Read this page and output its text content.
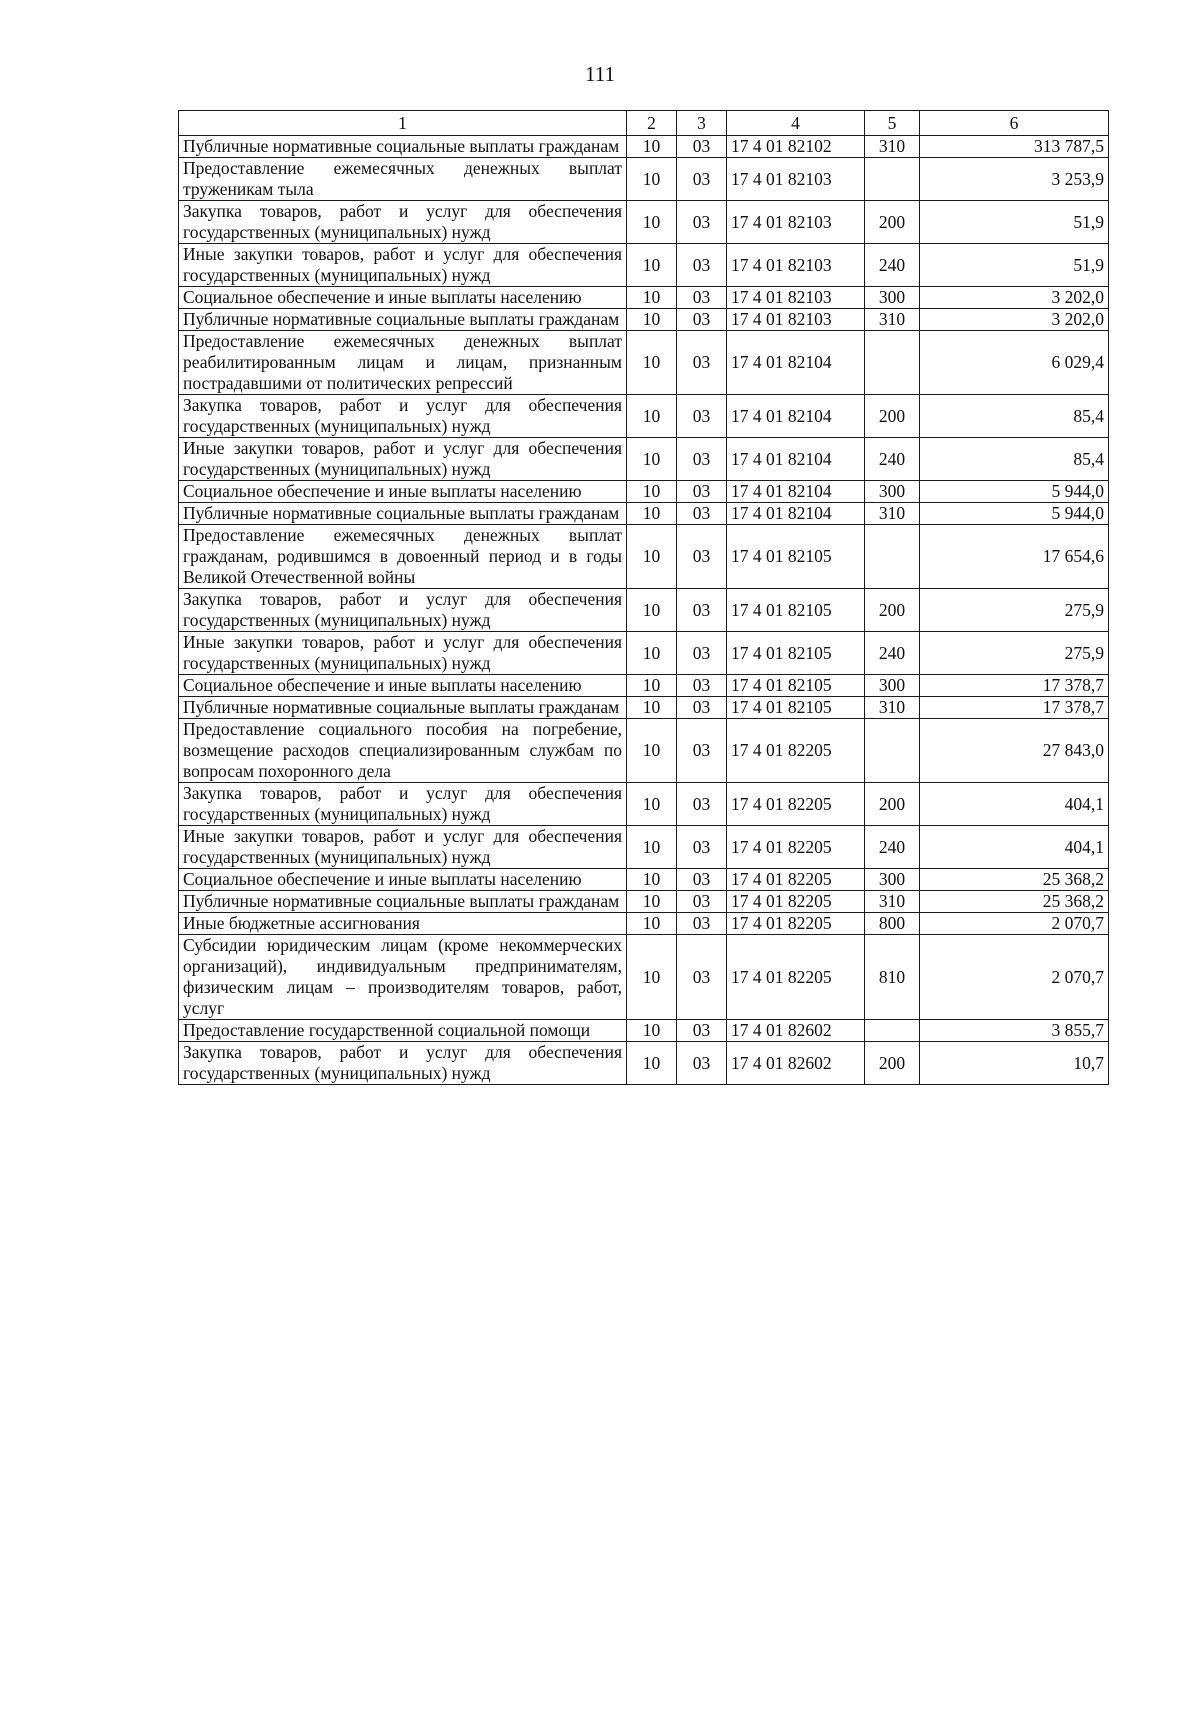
111
1	2	3	4	5	6
Публичные нормативные социальные выплаты гражданам	10	03	17 4 01 82102	310	313 787,5
Предоставление ежемесячных денежных выплат труженикам тыла	10	03	17 4 01 82103		3 253,9
Закупка товаров, работ и услуг для обеспечения государственных (муниципальных) нужд	10	03	17 4 01 82103	200	51,9
Иные закупки товаров, работ и услуг для обеспечения государственных (муниципальных) нужд	10	03	17 4 01 82103	240	51,9
Социальное обеспечение и иные выплаты населению	10	03	17 4 01 82103	300	3 202,0
Публичные нормативные социальные выплаты гражданам	10	03	17 4 01 82103	310	3 202,0
Предоставление ежемесячных денежных выплат реабилитированным лицам и лицам, признанным пострадавшими от политических репрессий	10	03	17 4 01 82104		6 029,4
Закупка товаров, работ и услуг для обеспечения государственных (муниципальных) нужд	10	03	17 4 01 82104	200	85,4
Иные закупки товаров, работ и услуг для обеспечения государственных (муниципальных) нужд	10	03	17 4 01 82104	240	85,4
Социальное обеспечение и иные выплаты населению	10	03	17 4 01 82104	300	5 944,0
Публичные нормативные социальные выплаты гражданам	10	03	17 4 01 82104	310	5 944,0
Предоставление ежемесячных денежных выплат гражданам, родившимся в довоенный период и в годы Великой Отечественной войны	10	03	17 4 01 82105		17 654,6
Закупка товаров, работ и услуг для обеспечения государственных (муниципальных) нужд	10	03	17 4 01 82105	200	275,9
Иные закупки товаров, работ и услуг для обеспечения государственных (муниципальных) нужд	10	03	17 4 01 82105	240	275,9
Социальное обеспечение и иные выплаты населению	10	03	17 4 01 82105	300	17 378,7
Публичные нормативные социальные выплаты гражданам	10	03	17 4 01 82105	310	17 378,7
Предоставление социального пособия на погребение, возмещение расходов специализированным службам по вопросам похоронного дела	10	03	17 4 01 82205		27 843,0
Закупка товаров, работ и услуг для обеспечения государственных (муниципальных) нужд	10	03	17 4 01 82205	200	404,1
Иные закупки товаров, работ и услуг для обеспечения государственных (муниципальных) нужд	10	03	17 4 01 82205	240	404,1
Социальное обеспечение и иные выплаты населению	10	03	17 4 01 82205	300	25 368,2
Публичные нормативные социальные выплаты гражданам	10	03	17 4 01 82205	310	25 368,2
Иные бюджетные ассигнования	10	03	17 4 01 82205	800	2 070,7
Субсидии юридическим лицам (кроме некоммерческих организаций), индивидуальным предпринимателям, физическим лицам – производителям товаров, работ, услуг	10	03	17 4 01 82205	810	2 070,7
Предоставление государственной социальной помощи	10	03	17 4 01 82602		3 855,7
Закупка товаров, работ и услуг для обеспечения государственных (муниципальных) нужд	10	03	17 4 01 82602	200	10,7
